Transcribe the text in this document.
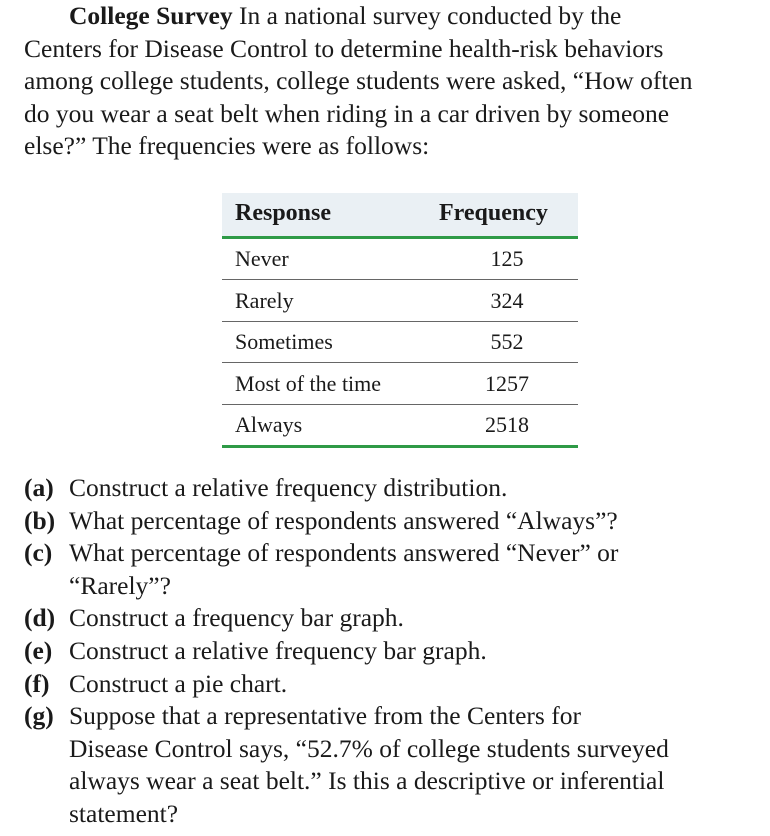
College Survey In a national survey conducted by the
Centers for Disease Control to determine health-risk behaviors
among college students, college students were asked, “How often
do you wear a seat belt when riding in a car driven by someone
else?” The frequencies were as follows:
Response	Frequency
Never	125
Rarely	324
Sometimes	552
Most of the time	1257
Always	2518
(a) Construct a relative frequency distribution.
(b) What percentage of respondents answered “Always”?
(c) What percentage of respondents answered “Never” or
“Rarely”?
(d) Construct a frequency bar graph.
(e) Construct a relative frequency bar graph.
(f) Construct a pie chart.
(g) Suppose that a representative from the Centers for
Disease Control says, “52.7% of college students surveyed
always wear a seat belt.” Is this a descriptive or inferential
statement?
